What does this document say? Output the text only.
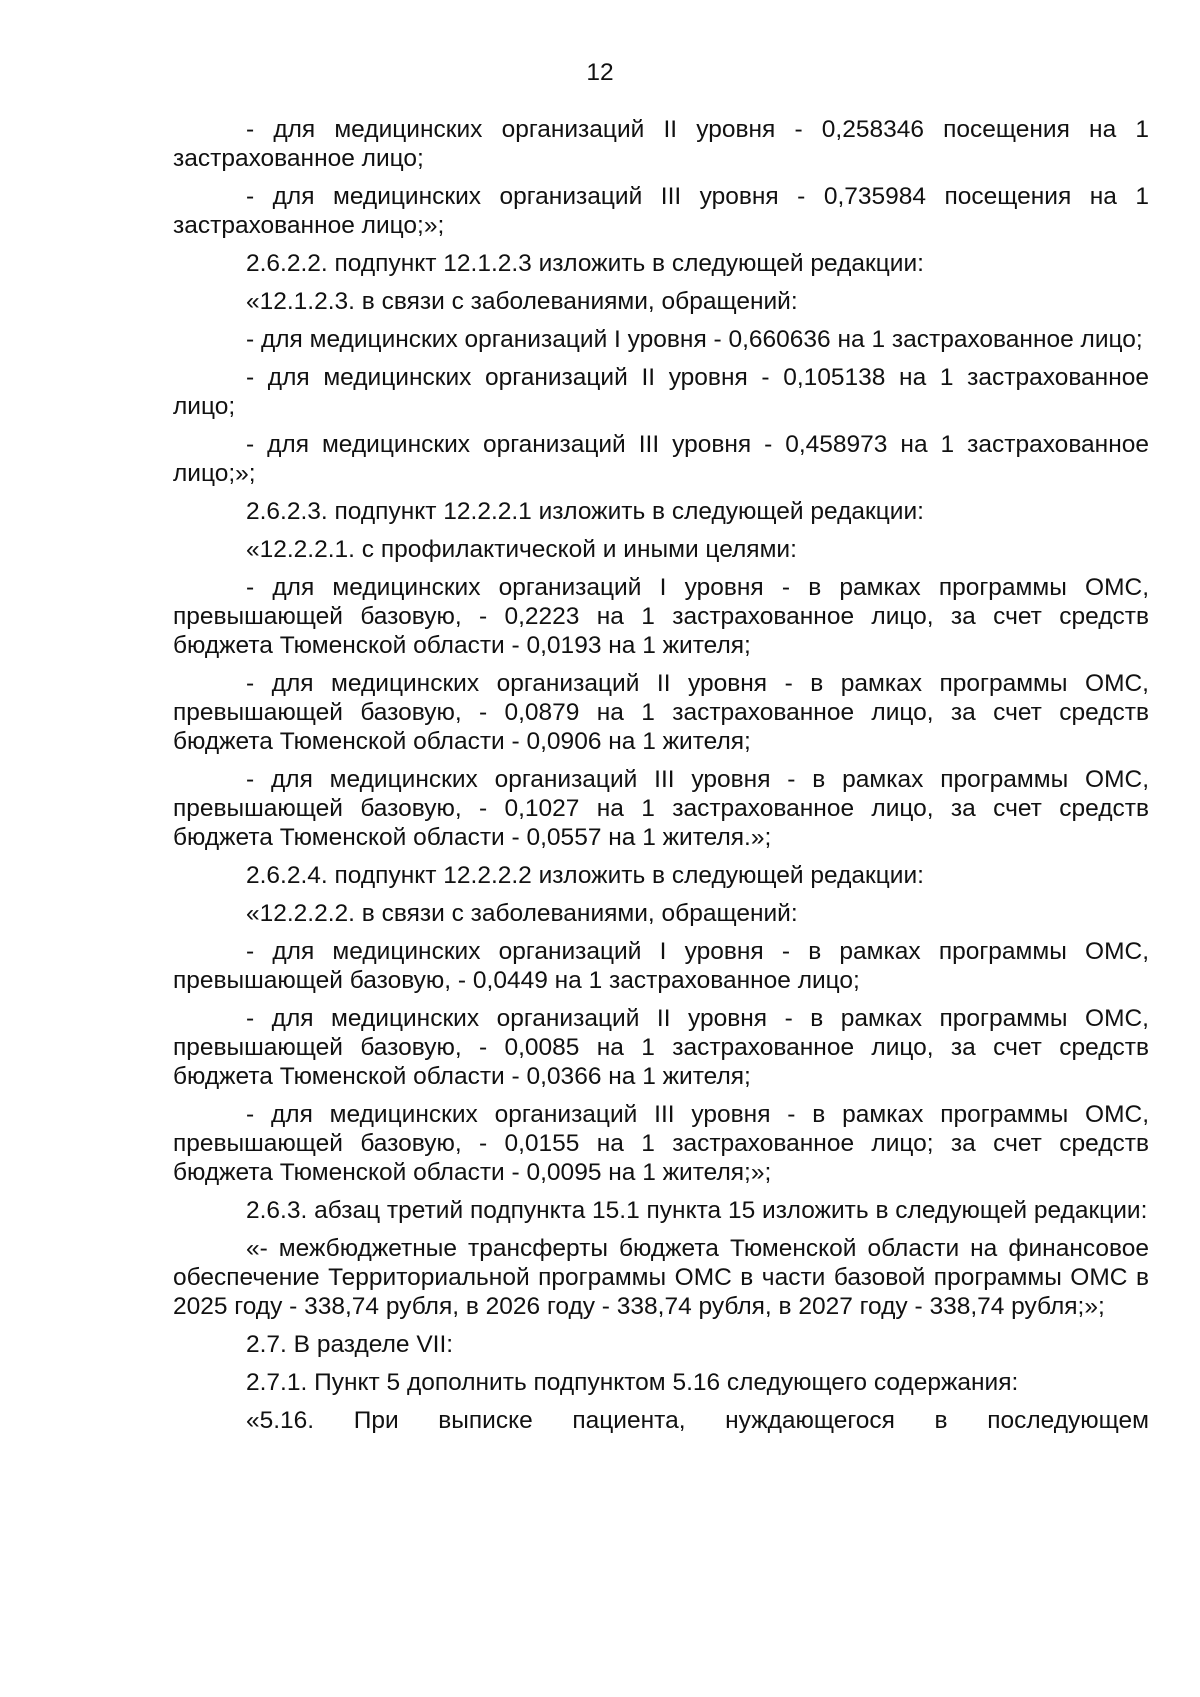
12

- для медицинских организаций II уровня - 0,258346 посещения на 1 застрахованное лицо;

- для медицинских организаций III уровня - 0,735984 посещения на 1 застрахованное лицо;»;

2.6.2.2. подпункт 12.1.2.3 изложить в следующей редакции:

«12.1.2.3. в связи с заболеваниями, обращений:

- для медицинских организаций I уровня - 0,660636 на 1 застрахованное лицо;

- для медицинских организаций II уровня - 0,105138 на 1 застрахованное лицо;

- для медицинских организаций III уровня - 0,458973 на 1 застрахованное лицо;»;

2.6.2.3. подпункт 12.2.2.1 изложить в следующей редакции:

«12.2.2.1. с профилактической и иными целями:

- для медицинских организаций I уровня - в рамках программы ОМС, превышающей базовую, - 0,2223 на 1 застрахованное лицо, за счет средств бюджета Тюменской области - 0,0193 на 1 жителя;

- для медицинских организаций II уровня - в рамках программы ОМС, превышающей базовую, - 0,0879 на 1 застрахованное лицо, за счет средств бюджета Тюменской области - 0,0906 на 1 жителя;

- для медицинских организаций III уровня - в рамках программы ОМС, превышающей базовую, - 0,1027 на 1 застрахованное лицо, за счет средств бюджета Тюменской области - 0,0557 на 1 жителя.»;

2.6.2.4. подпункт 12.2.2.2 изложить в следующей редакции:

«12.2.2.2. в связи с заболеваниями, обращений:

- для медицинских организаций I уровня - в рамках программы ОМС, превышающей базовую, - 0,0449 на 1 застрахованное лицо;

- для медицинских организаций II уровня - в рамках программы ОМС, превышающей базовую, - 0,0085 на 1 застрахованное лицо, за счет средств бюджета Тюменской области - 0,0366 на 1 жителя;

- для медицинских организаций III уровня - в рамках программы ОМС, превышающей базовую, - 0,0155 на 1 застрахованное лицо; за счет средств бюджета Тюменской области - 0,0095 на 1 жителя;»;

2.6.3. абзац третий подпункта 15.1 пункта 15 изложить в следующей редакции:

«- межбюджетные трансферты бюджета Тюменской области на финансовое обеспечение Территориальной программы ОМС в части базовой программы ОМС в 2025 году - 338,74 рубля, в 2026 году - 338,74 рубля, в 2027 году - 338,74 рубля;»;

2.7. В разделе VII:

2.7.1. Пункт 5 дополнить подпунктом 5.16 следующего содержания:

«5.16. При выписке пациента, нуждающегося в последующем
